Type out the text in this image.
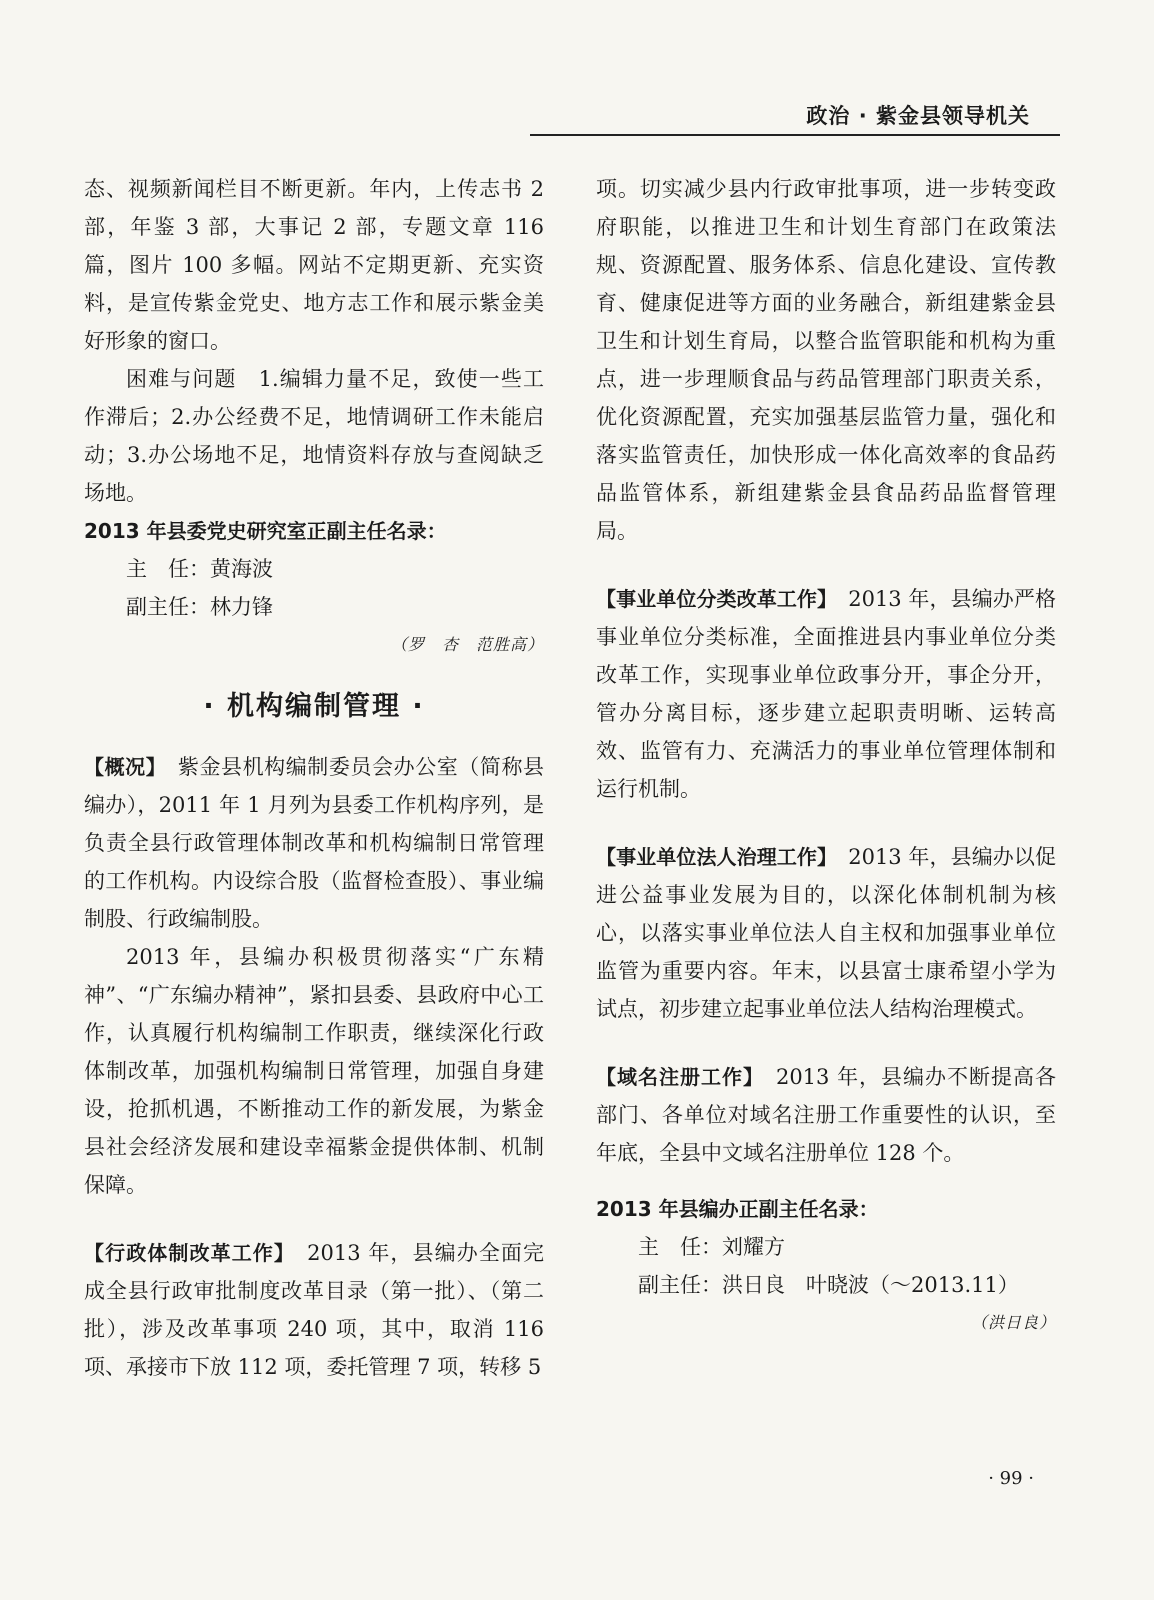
政治 · 紫金县领导机关

态、视频新闻栏目不断更新。年内，上传志书 2 部，年鉴 3 部，大事记 2 部，专题文章 116 篇，图片 100 多幅。网站不定期更新、充实资料，是宣传紫金党史、地方志工作和展示紫金美好形象的窗口。

困难与问题　 1.编辑力量不足，致使一些工作滞后；2.办公经费不足，地情调研工作未能启动；3.办公场地不足，地情资料存放与查阅缺乏场地。

2013 年县委党史研究室正副主任名录：

主　任：黄海波

副主任：林力锋

（罗　杏　范胜高）

· 机构编制管理 ·

【概况】　 紫金县机构编制委员会办公室（简称县编办），2011 年 1 月列为县委工作机构序列，是负责全县行政管理体制改革和机构编制日常管理的工作机构。内设综合股（监督检查股）、事业编制股、行政编制股。

2013 年，县编办积极贯彻落实“广东精神”、“广东编办精神”，紧扣县委、县政府中心工作，认真履行机构编制工作职责，继续深化行政体制改革，加强机构编制日常管理，加强自身建设，抢抓机遇，不断推动工作的新发展，为紫金县社会经济发展和建设幸福紫金提供体制、机制保障。

【行政体制改革工作】　 2013 年，县编办全面完成全县行政审批制度改革目录（第一批）、（第二批），涉及改革事项 240 项，其中，取消 116 项、承接市下放 112 项，委托管理 7 项，转移 5

项。切实减少县内行政审批事项，进一步转变政府职能，以推进卫生和计划生育部门在政策法规、资源配置、服务体系、信息化建设、宣传教育、健康促进等方面的业务融合，新组建紫金县卫生和计划生育局，以整合监管职能和机构为重点，进一步理顺食品与药品管理部门职责关系，优化资源配置，充实加强基层监管力量，强化和落实监管责任，加快形成一体化高效率的食品药品监管体系，新组建紫金县食品药品监督管理局。

【事业单位分类改革工作】　 2013 年，县编办严格事业单位分类标准，全面推进县内事业单位分类改革工作，实现事业单位政事分开，事企分开，管办分离目标，逐步建立起职责明晰、运转高效、监管有力、充满活力的事业单位管理体制和运行机制。

【事业单位法人治理工作】　 2013 年，县编办以促进公益事业发展为目的，以深化体制机制为核心，以落实事业单位法人自主权和加强事业单位监管为重要内容。年末，以县富士康希望小学为试点，初步建立起事业单位法人结构治理模式。

【域名注册工作】　 2013 年，县编办不断提高各部门、各单位对域名注册工作重要性的认识，至年底，全县中文域名注册单位 128 个。

2013 年县编办正副主任名录：

主　任：刘耀方

副主任：洪日良　叶晓波（～2013.11）

（洪日良）

· 99 ·
